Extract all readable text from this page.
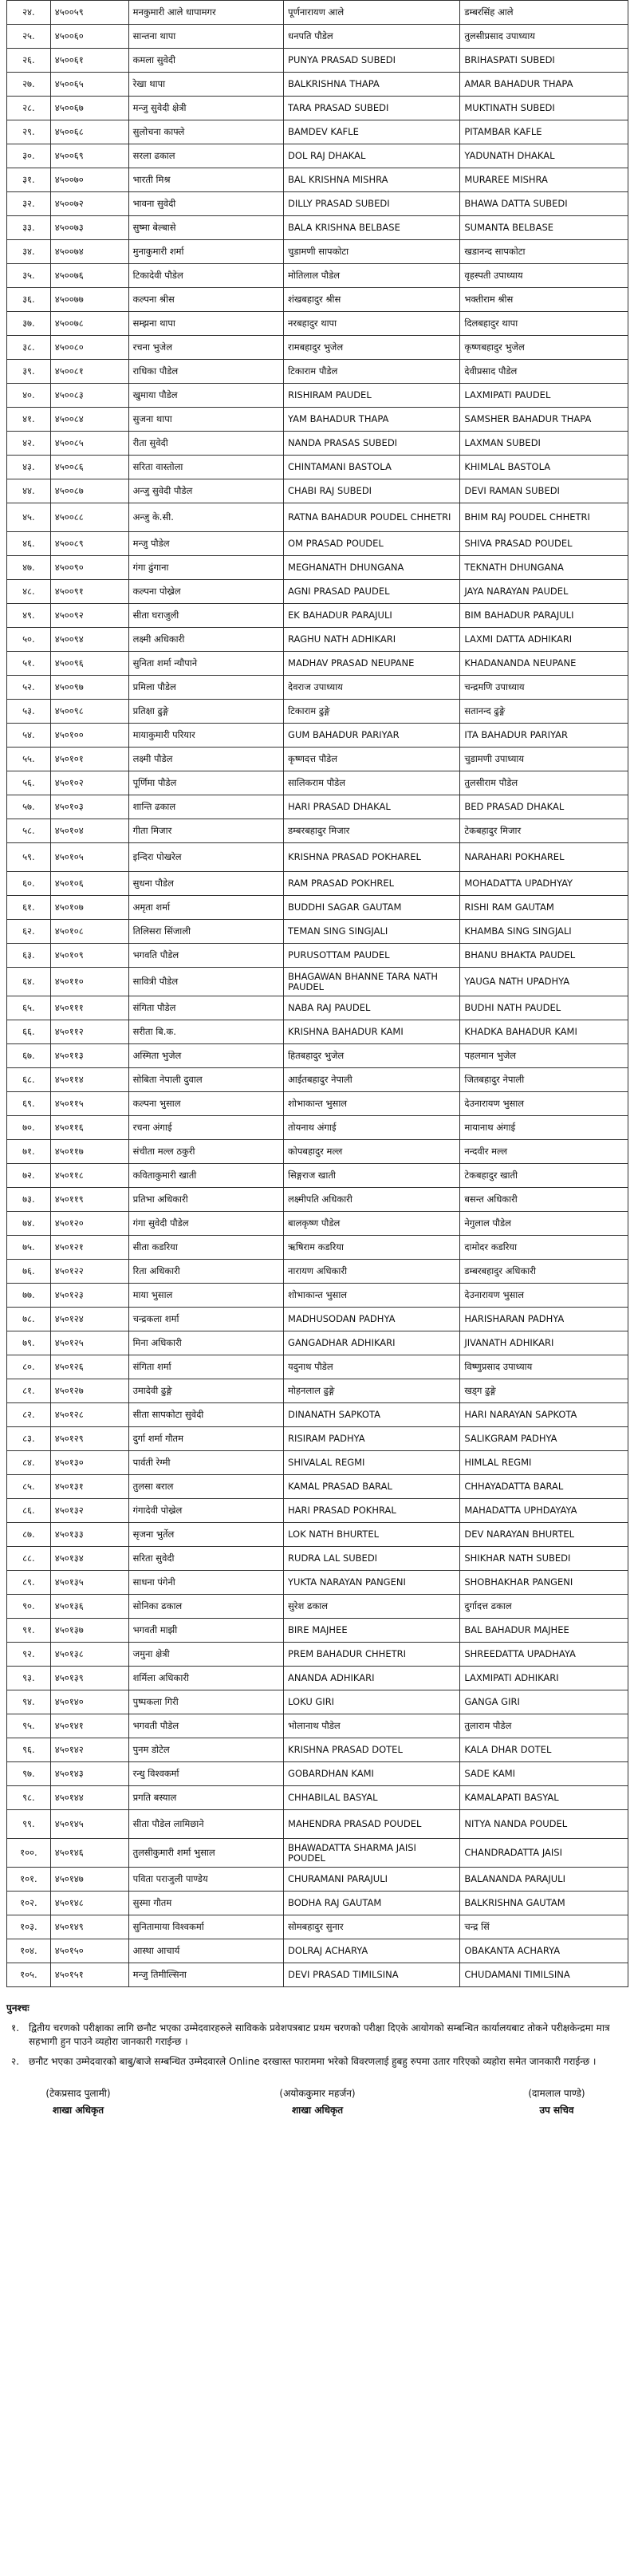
२४.	४५००५९	मनकुमारी आले धापामगर	पूर्णनारायण आले	डम्बरसिंह आले
२५.	४५००६०	सान्तना थापा	धनपति पौडेल	तुलसीप्रसाद उपाध्याय
२६.	४५००६१	कमला सुवेदी	PUNYA PRASAD SUBEDI	BRIHASPATI SUBEDI
२७.	४५००६५	रेखा थापा	BALKRISHNA THAPA	AMAR BAHADUR THAPA
२८.	४५००६७	मन्जु सुवेदी क्षेत्री	TARA PRASAD SUBEDI	MUKTINATH SUBEDI
२९.	४५००६८	सुलोचना काफ्ले	BAMDEV KAFLE	PITAMBAR KAFLE
३०.	४५००६९	सरला ढकाल	DOL RAJ DHAKAL	YADUNATH DHAKAL
३१.	४५००७०	भारती मिश्र	BAL KRISHNA MISHRA	MURAREE MISHRA
३२.	४५००७२	भावना सुवेदी	DILLY PRASAD SUBEDI	BHAWA DATTA SUBEDI
३३.	४५००७३	सुष्मा बेल्बासे	BALA KRISHNA BELBASE	SUMANTA BELBASE
३४.	४५००७४	मुनाकुमारी शर्मा	चुडामणी सापकोटा	खडानन्द सापकोटा
३५.	४५००७६	टिकादेवी पौडेल	मोतिलाल पौडेल	वृहस्पती उपाध्याय
३६.	४५००७७	कल्पना श्रीस	शंखबहादुर श्रीस	भक्तीराम श्रीस
३७.	४५००७८	सम्झना थापा	नरबहादुर थापा	दिलबहादुर थापा
३८.	४५००८०	रचना भुजेल	रामबहादुर भुजेल	कृष्णबहादुर भुजेल
३९.	४५००८१	राधिका पौडेल	टिकाराम पौडेल	देवीप्रसाद पौडेल
४०.	४५००८३	खुमाया पौडेल	RISHIRAM PAUDEL	LAXMIPATI PAUDEL
४१.	४५००८४	सुजना थापा	YAM BAHADUR THAPA	SAMSHER BAHADUR THAPA
४२.	४५००८५	रीता सुवेदी	NANDA PRASAS SUBEDI	LAXMAN SUBEDI
४३.	४५००८६	सरिता वास्तोला	CHINTAMANI BASTOLA	KHIMLAL BASTOLA
४४.	४५००८७	अन्जु सुवेदी पौडेल	CHABI RAJ SUBEDI	DEVI RAMAN SUBEDI
४५.	४५००८८	अन्जु के.सी.	RATNA BAHADUR POUDEL CHHETRI	BHIM RAJ POUDEL CHHETRI
४६.	४५००८९	मन्जु पौडेल	OM PRASAD POUDEL	SHIVA PRASAD POUDEL
४७.	४५००९०	गंगा ढुंगाना	MEGHANATH DHUNGANA	TEKNATH DHUNGANA
४८.	४५००९१	कल्पना पोख्रेल	AGNI PRASAD PAUDEL	JAYA NARAYAN PAUDEL
४९.	४५००९२	सीता घराजुली	EK BAHADUR PARAJULI	BIM BAHADUR PARAJULI
५०.	४५००९४	लक्ष्मी अधिकारी	RAGHU NATH ADHIKARI	LAXMI DATTA ADHIKARI
५१.	४५००९६	सुनिता शर्मा न्यौपाने	MADHAV PRASAD NEUPANE	KHADANANDA NEUPANE
५२.	४५००९७	प्रमिला पौडेल	देवराज उपाध्याय	चन्द्रमणि उपाध्याय
५३.	४५००९८	प्रतिक्षा ढुङ्गे	टिकाराम ढुङ्गे	सतानन्द ढुङ्गे
५४.	४५०१००	मायाकुमारी परियार	GUM BAHADUR PARIYAR	ITA BAHADUR PARIYAR
५५.	४५०१०१	लक्ष्मी पौडेल	कृष्णदत्त पौडेल	चुडामणी उपाध्याय
५६.	४५०१०२	पूर्णिमा पौडेल	सालिकराम पौडेल	तुलसीराम पौडेल
५७.	४५०१०३	शान्ति ढकाल	HARI PRASAD DHAKAL	BED PRASAD DHAKAL
५८.	४५०१०४	गीता मिजार	डम्बरबहादुर मिजार	टेकबहादुर मिजार
५९.	४५०१०५	इन्दिरा पोखरेल	KRISHNA PRASAD POKHAREL	NARAHARI POKHAREL
६०.	४५०१०६	सुधना पौडेल	RAM PRASAD POKHREL	MOHADATTA UPADHYAY
६१.	४५०१०७	अमृता शर्मा	BUDDHI SAGAR GAUTAM	RISHI RAM GAUTAM
६२.	४५०१०८	तिलिसरा सिंजाली	TEMAN SING SINGJALI	KHAMBA SING SINGJALI
६३.	४५०१०९	भगवति पौडेल	PURUSOTTAM PAUDEL	BHANU BHAKTA PAUDEL
६४.	४५०११०	सावित्री पौडेल	BHAGAWAN BHANNE TARA NATH PAUDEL	YAUGA NATH UPADHYA
६५.	४५०१११	संगिता पौडेल	NABA RAJ PAUDEL	BUDHI NATH PAUDEL
६६.	४५०११२	सरीता बि.क.	KRISHNA BAHADUR KAMI	KHADKA BAHADUR KAMI
६७.	४५०११३	अस्मिता भुजेल	हितबहादुर भुजेल	पहलमान भुजेल
६८.	४५०११४	सोबिता नेपाली दुवाल	आईतबहादुर नेपाली	जितबहादुर नेपाली
६९.	४५०११५	कल्पना भुसाल	शोभाकान्त भुसाल	देउनारायण भुसाल
७०.	४५०११६	रचना अंगाई	तोयनाथ अंगाई	मायानाथ अंगाई
७१.	४५०११७	संचीता मल्ल ठकुरी	कोपबहादुर मल्ल	नन्दवीर मल्ल
७२.	४५०११८	कविताकुमारी खाती	सिङ्गराज खाती	टेकबहादुर खाती
७३.	४५०११९	प्रतिभा अधिकारी	लक्ष्मीपति अधिकारी	बसन्त अधिकारी
७४.	४५०१२०	गंगा सुवेदी पौडेल	बालकृष्ण पौडेल	नेगुलाल पौडेल
७५.	४५०१२१	सीता कडरिया	ऋषिराम कडरिया	दामोदर कडरिया
७६.	४५०१२२	रिता अधिकारी	नारायण अधिकारी	डम्बरबहादुर अधिकारी
७७.	४५०१२३	माया भुसाल	शोभाकान्त भुसाल	देउनारायण भुसाल
७८.	४५०१२४	चन्द्रकला शर्मा	MADHUSODAN PADHYA	HARISHARAN PADHYA
७९.	४५०१२५	मिना अधिकारी	GANGADHAR ADHIKARI	JIVANATH ADHIKARI
८०.	४५०१२६	संगिता शर्मा	यदुनाथ पौडेल	विष्णुप्रसाद उपाध्याय
८१.	४५०१२७	उमादेवी ढुङ्गे	मोहनलाल ढुङ्गे	खड्ग ढुङ्गे
८२.	४५०१२८	सीता सापकोटा सुवेदी	DINANATH SAPKOTA	HARI NARAYAN SAPKOTA
८३.	४५०१२९	दुर्गा शर्मा गौतम	RISIRAM PADHYA	SALIKGRAM PADHYA
८४.	४५०१३०	पार्वती रेग्मी	SHIVALAL REGMI	HIMLAL REGMI
८५.	४५०१३१	तुलसा बराल	KAMAL PRASAD BARAL	CHHAYADATTA BARAL
८६.	४५०१३२	गंगादेवी पोख्रेल	HARI PRASAD POKHRAL	MAHADATTA UPHDAYAYA
८७.	४५०१३३	सृजना भुर्तेल	LOK NATH BHURTEL	DEV NARAYAN BHURTEL
८८.	४५०१३४	सरिता सुवेदी	RUDRA LAL SUBEDI	SHIKHAR NATH SUBEDI
८९.	४५०१३५	साधना पंगेनी	YUKTA NARAYAN PANGENI	SHOBHAKHAR PANGENI
९०.	४५०१३६	सोनिका ढकाल	सुरेश ढकाल	दुर्गादत्त ढकाल
९१.	४५०१३७	भगवती माझी	BIRE MAJHEE	BAL BAHADUR MAJHEE
९२.	४५०१३८	जमुना क्षेत्री	PREM BAHADUR CHHETRI	SHREEDATTA UPADHAYA
९३.	४५०१३९	शर्मिला अधिकारी	ANANDA ADHIKARI	LAXMIPATI ADHIKARI
९४.	४५०१४०	पुष्पकला गिरी	LOKU GIRI	GANGA GIRI
९५.	४५०१४१	भगवती पौडेल	भोलानाथ पौडेल	तुलाराम पौडेल
९६.	४५०१४२	पुनम डोटेल	KRISHNA PRASAD DOTEL	KALA DHAR DOTEL
९७.	४५०१४३	रन्धु विश्वकर्मा	GOBARDHAN KAMI	SADE KAMI
९८.	४५०१४४	प्रगति बस्याल	CHHABILAL BASYAL	KAMALAPATI BASYAL
९९.	४५०१४५	सीता पौडेल लामिछाने	MAHENDRA PRASAD POUDEL	NITYA NANDA POUDEL
१००.	४५०१४६	तुलसीकुमारी शर्मा भुसाल	BHAWADATTA SHARMA JAISI POUDEL	CHANDRADATTA JAISI
१०१.	४५०१४७	पविता पराजुली पाण्डेय	CHURAMANI PARAJULI	BALANANDA PARAJULI
१०२.	४५०१४८	सुस्मा गौतम	BODHA RAJ GAUTAM	BALKRISHNA GAUTAM
१०३.	४५०१४९	सुनितामाया विश्वकर्मा	सोमबहादुर सुनार	चन्द्र सिं
१०४.	४५०१५०	आस्था आचार्य	DOLRAJ ACHARYA	OBAKANTA ACHARYA
१०५.	४५०१५१	मन्जु तिमील्सिना	DEVI PRASAD TIMILSINA	CHUDAMANI TIMILSINA
पुनश्चः
१. द्वितीय चरणको परीक्षाका लागि छनौट भएका उम्मेदवारहरुले साविकके प्रवेशपत्रबाट प्रथम चरणको परीक्षा दिएके आयोगको सम्बन्धित कार्यालयबाट तोकने परीक्षकेन्द्रमा मात्र सहभागी हुन पाउने व्यहोरा जानकारी गराईन्छ ।
२. छनौट भएका उम्मेदवारको बाबु/बाजे सम्बन्धित उम्मेदवारले Online दरखास्त फाराममा भरेको विवरणलाई हुबहु रुपमा उतार गरिएको व्यहोरा समेत जानकारी गराईन्छ ।
(टेकप्रसाद पुलामी)
शाखा अधिकृत
(अयोककुमार महर्जन)
शाखा अधिकृत
(दामलाल पाण्डे)
उप सचिव
